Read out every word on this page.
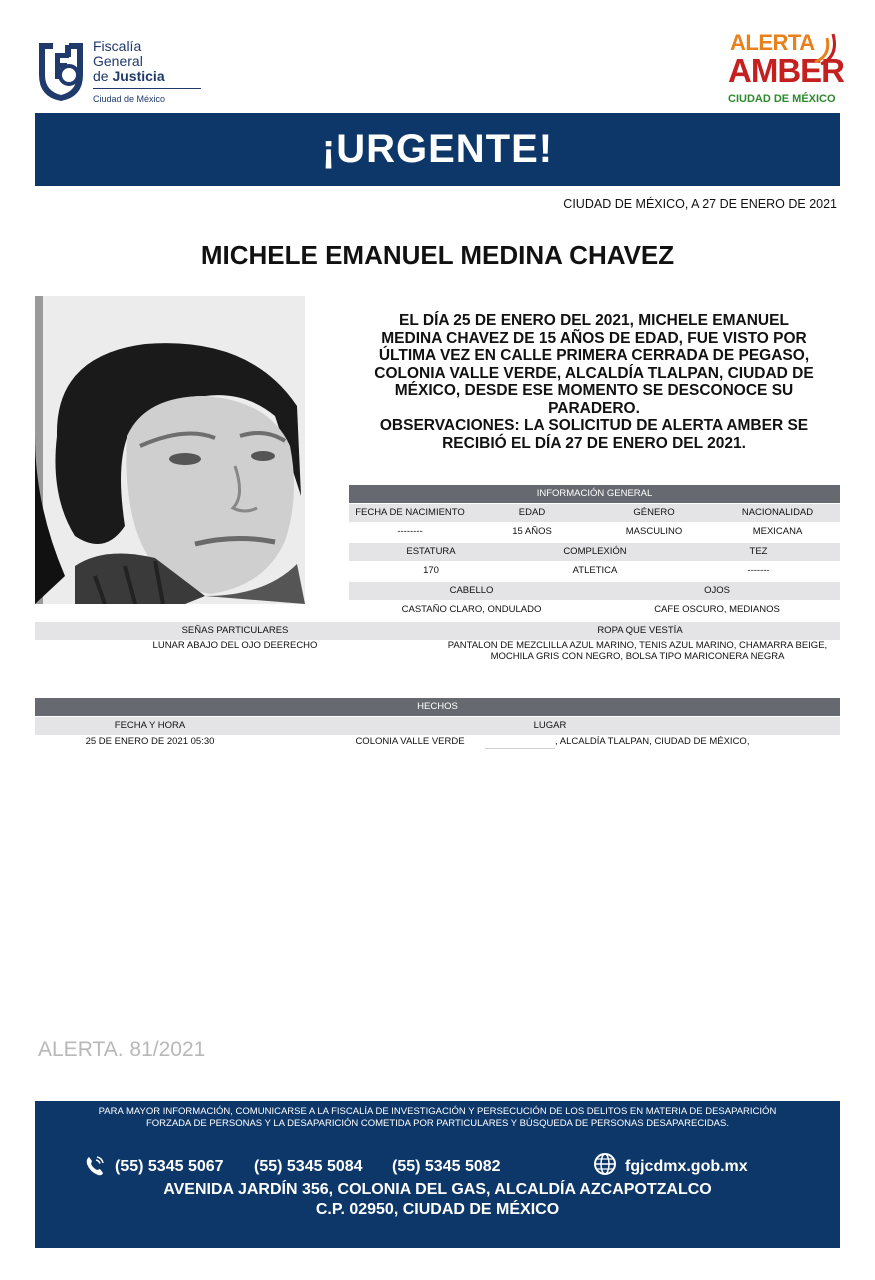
Fiscalía
General
de Justicia
Ciudad de México
ALERTA
AMBER
CIUDAD DE MÉXICO
¡URGENTE!
CIUDAD DE MÉXICO, A 27 DE ENERO DE 2021
MICHELE EMANUEL MEDINA CHAVEZ
EL DÍA 25 DE ENERO DEL 2021, MICHELE EMANUEL
MEDINA CHAVEZ DE 15 AÑOS DE EDAD, FUE VISTO POR
ÚLTIMA VEZ EN CALLE PRIMERA CERRADA DE PEGASO,
COLONIA VALLE VERDE, ALCALDÍA TLALPAN, CIUDAD DE
MÉXICO, DESDE ESE MOMENTO SE DESCONOCE SU
PARADERO.
OBSERVACIONES: LA SOLICITUD DE ALERTA AMBER SE
RECIBIÓ EL DÍA 27 DE ENERO DEL 2021.
INFORMACIÓN GENERAL
FECHA DE NACIMIENTO	EDAD	GÉNERO	NACIONALIDAD
--------	15 AÑOS	MASCULINO	MEXICANA
ESTATURA	COMPLEXIÓN	TEZ
170	ATLETICA	-------
CABELLO	OJOS
CASTAÑO CLARO, ONDULADO	CAFE OSCURO, MEDIANOS
SEÑAS PARTICULARES	ROPA QUE VESTÍA
LUNAR ABAJO DEL OJO DEERECHO	PANTALON DE MEZCLILLA AZUL MARINO, TENIS AZUL MARINO, CHAMARRA BEIGE,
MOCHILA GRIS CON NEGRO, BOLSA TIPO MARICONERA NEGRA
HECHOS
FECHA Y HORA	LUGAR
25 DE ENERO DE 2021 05:30	COLONIA VALLE VERDE	, ALCALDÍA TLALPAN, CIUDAD DE MÉXICO,
ALERTA. 81/2021
PARA MAYOR INFORMACIÓN, COMUNICARSE A LA FISCALÍA DE INVESTIGACIÓN Y PERSECUCIÓN DE LOS DELITOS EN MATERIA DE DESAPARICIÓN
FORZADA DE PERSONAS Y LA DESAPARICIÓN COMETIDA POR PARTICULARES Y BÚSQUEDA DE PERSONAS DESAPARECIDAS.
(55) 5345 5067 (55) 5345 5084 (55) 5345 5082	fgjcdmx.gob.mx
AVENIDA JARDÍN 356, COLONIA DEL GAS, ALCALDÍA AZCAPOTZALCO
C.P. 02950, CIUDAD DE MÉXICO
